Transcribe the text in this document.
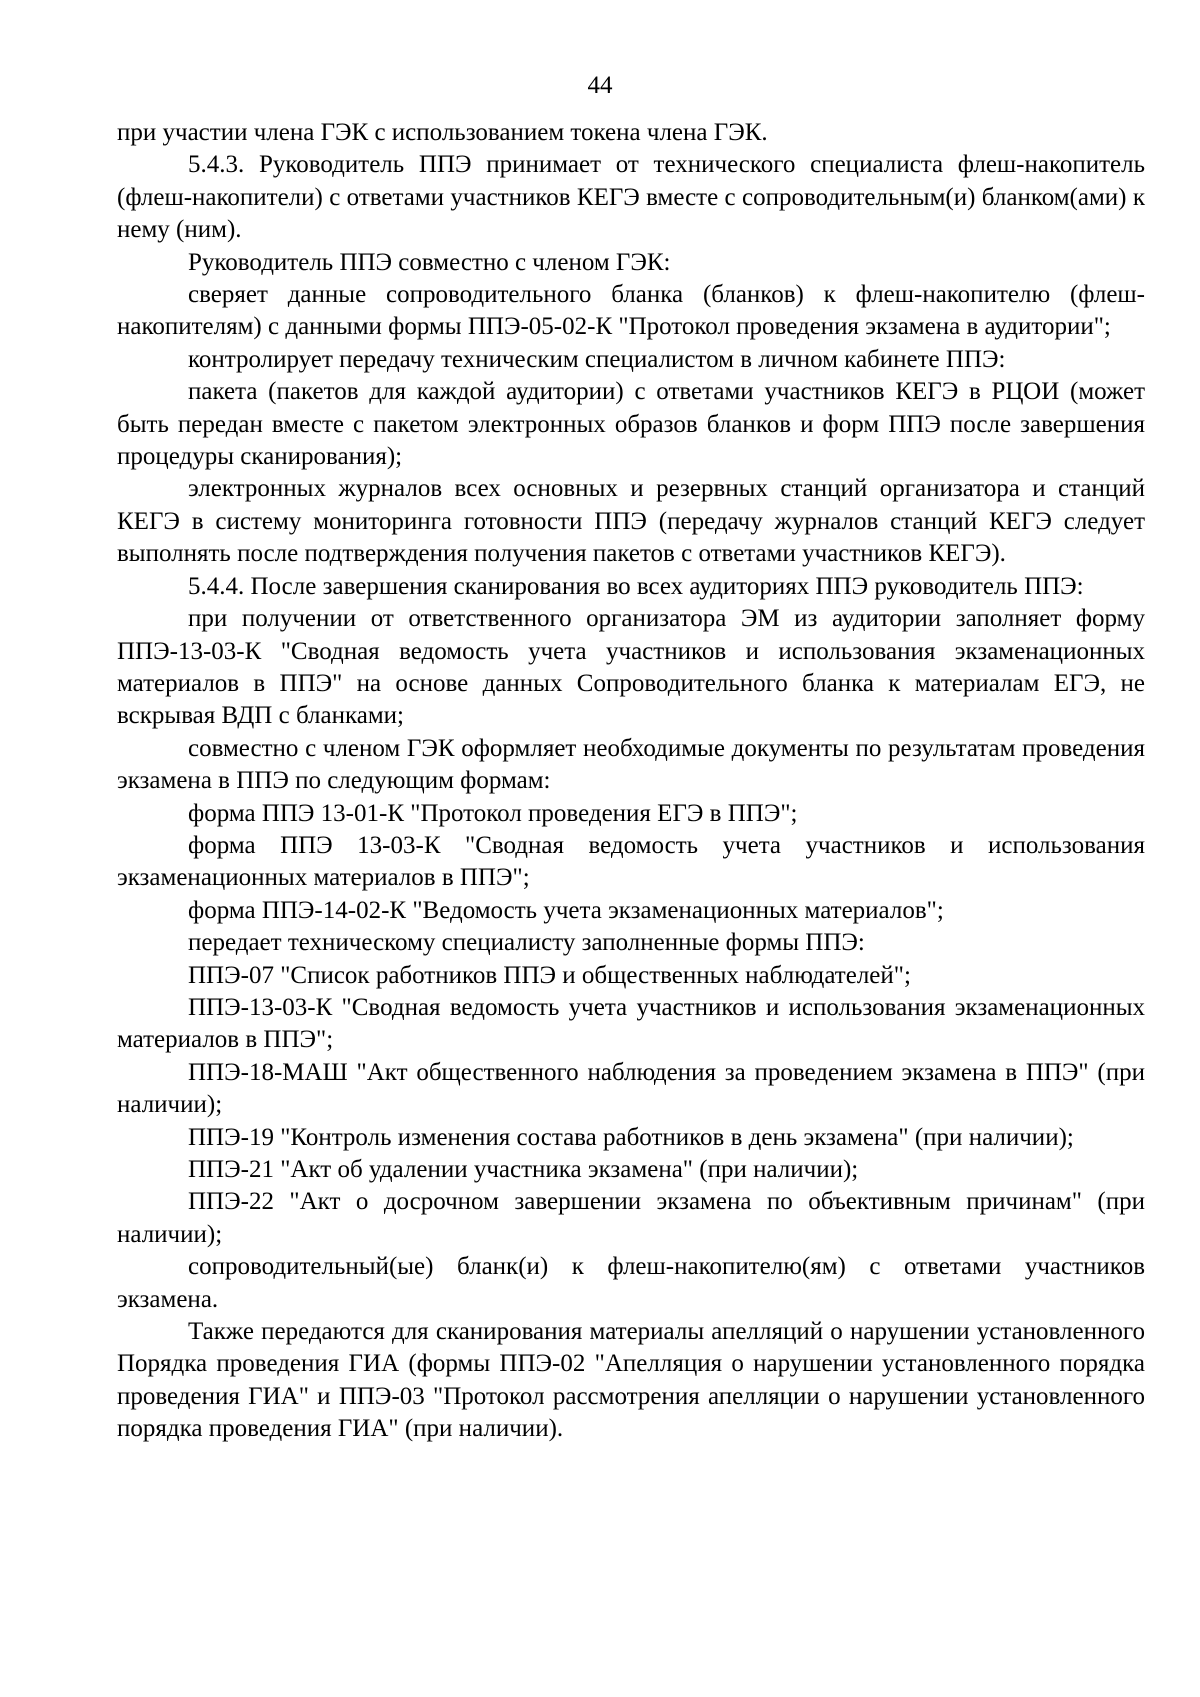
44

при участии члена ГЭК с использованием токена члена ГЭК.

5.4.3. Руководитель ППЭ принимает от технического специалиста флеш-накопитель (флеш-накопители) с ответами участников КЕГЭ вместе с сопроводительным(и) бланком(ами) к нему (ним).

Руководитель ППЭ совместно с членом ГЭК:

сверяет данные сопроводительного бланка (бланков) к флеш-накопителю (флеш-накопителям) с данными формы ППЭ-05-02-К "Протокол проведения экзамена в аудитории";

контролирует передачу техническим специалистом в личном кабинете ППЭ:

пакета (пакетов для каждой аудитории) с ответами участников КЕГЭ в РЦОИ (может быть передан вместе с пакетом электронных образов бланков и форм ППЭ после завершения процедуры сканирования);

электронных журналов всех основных и резервных станций организатора и станций КЕГЭ в систему мониторинга готовности ППЭ (передачу журналов станций КЕГЭ следует выполнять после подтверждения получения пакетов с ответами участников КЕГЭ).

5.4.4. После завершения сканирования во всех аудиториях ППЭ руководитель ППЭ:

при получении от ответственного организатора ЭМ из аудитории заполняет форму ППЭ-13-03-К "Сводная ведомость учета участников и использования экзаменационных материалов в ППЭ" на основе данных Сопроводительного бланка к материалам ЕГЭ, не вскрывая ВДП с бланками;

совместно с членом ГЭК оформляет необходимые документы по результатам проведения экзамена в ППЭ по следующим формам:

форма ППЭ 13-01-К "Протокол проведения ЕГЭ в ППЭ";

форма ППЭ 13-03-К "Сводная ведомость учета участников и использования экзаменационных материалов в ППЭ";

форма ППЭ-14-02-К "Ведомость учета экзаменационных материалов";

передает техническому специалисту заполненные формы ППЭ:

ППЭ-07 "Список работников ППЭ и общественных наблюдателей";

ППЭ-13-03-К "Сводная ведомость учета участников и использования экзаменационных материалов в ППЭ";

ППЭ-18-МАШ "Акт общественного наблюдения за проведением экзамена в ППЭ" (при наличии);

ППЭ-19 "Контроль изменения состава работников в день экзамена" (при наличии);

ППЭ-21 "Акт об удалении участника экзамена" (при наличии);

ППЭ-22 "Акт о досрочном завершении экзамена по объективным причинам" (при наличии);

сопроводительный(ые) бланк(и) к флеш-накопителю(ям) с ответами участников экзамена.

Также передаются для сканирования материалы апелляций о нарушении установленного Порядка проведения ГИА (формы ППЭ-02 "Апелляция о нарушении установленного порядка проведения ГИА" и ППЭ-03 "Протокол рассмотрения апелляции о нарушении установленного порядка проведения ГИА" (при наличии).
